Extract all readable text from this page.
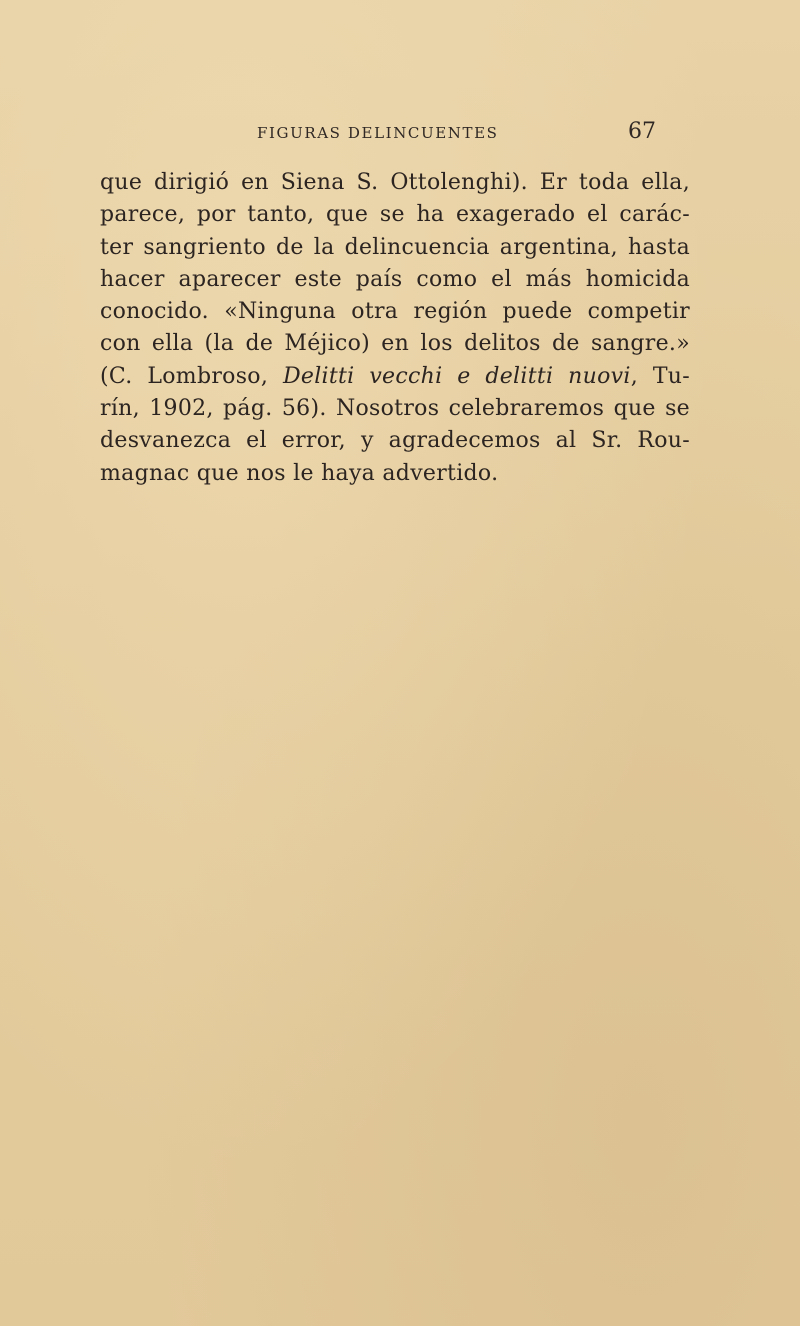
FIGURAS DELINCUENTES	67
que dirigió en Siena S. Ottolenghi). Er toda ella,
parece, por tanto, que se ha exagerado el carác-
ter sangriento de la delincuencia argentina, hasta
hacer aparecer este país como el más homicida
conocido. «Ninguna otra región puede competir
con ella (la de Méjico) en los delitos de sangre.»
(C. Lombroso, Delitti vecchi e delitti nuovi, Tu-
rín, 1902, pág. 56). Nosotros celebraremos que se
desvanezca el error, y agradecemos al Sr. Rou-
magnac que nos le haya advertido.
